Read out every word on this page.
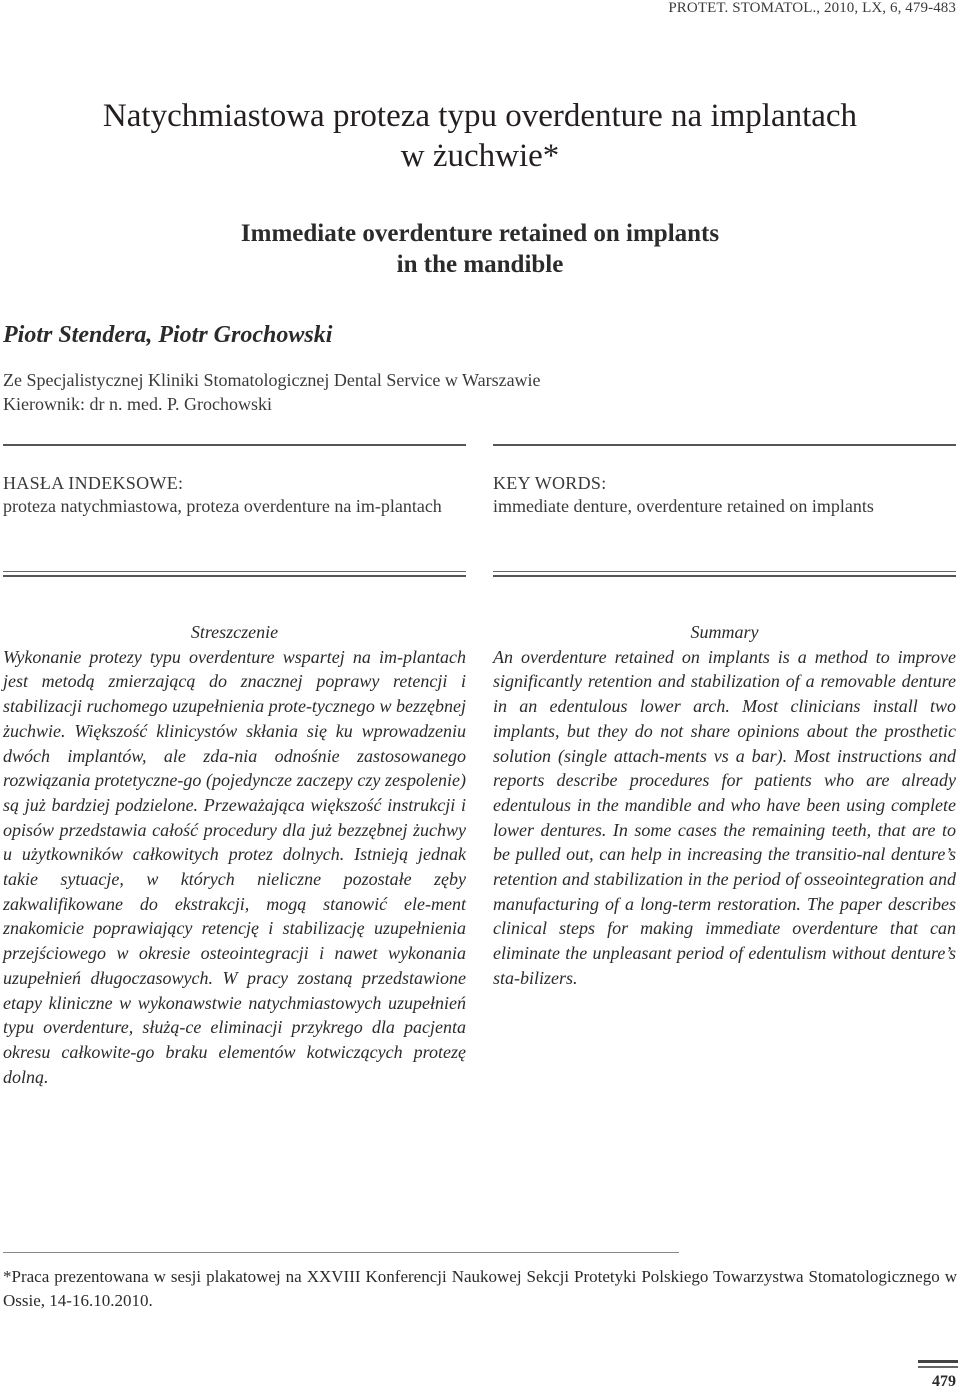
PROTET. STOMATOL., 2010, LX, 6, 479-483
Natychmiastowa proteza typu overdenture na implantach
w żuchwie*
Immediate overdenture retained on implants
in the mandible
Piotr Stendera, Piotr Grochowski
Ze Specjalistycznej Kliniki Stomatologicznej Dental Service w Warszawie
Kierownik: dr n. med. P. Grochowski
HASŁA INDEKSOWE:
proteza natychmiastowa, proteza overdenture na im-plantach
KEY WORDS:
immediate denture, overdenture retained on implants
Streszczenie
Wykonanie protezy typu overdenture wspartej na im-plantach jest metodą zmierzającą do znacznej poprawy retencji i stabilizacji ruchomego uzupełnienia prote-tycznego w bezzębnej żuchwie. Większość klinicystów skłania się ku wprowadzeniu dwóch implantów, ale zda-nia odnośnie zastosowanego rozwiązania protetyczne-go (pojedyncze zaczepy czy zespolenie) są już bardziej podzielone. Przeważająca większość instrukcji i opisów przedstawia całość procedury dla już bezzębnej żuchwy u użytkowników całkowitych protez dolnych. Istnieją jednak takie sytuacje, w których nieliczne pozostałe zęby zakwalifikowane do ekstrakcji, mogą stanowić ele-ment znakomicie poprawiający retencję i stabilizację uzupełnienia przejściowego w okresie osteointegracji i nawet wykonania uzupełnień długoczasowych. W pracy zostaną przedstawione etapy kliniczne w wykonawstwie natychmiastowych uzupełnień typu overdenture, służą-ce eliminacji przykrego dla pacjenta okresu całkowite-go braku elementów kotwiczących protezę dolną.
Summary
An overdenture retained on implants is a method to improve significantly retention and stabilization of a removable denture in an edentulous lower arch. Most clinicians install two implants, but they do not share opinions about the prosthetic solution (single attach-ments vs a bar). Most instructions and reports describe procedures for patients who are already edentulous in the mandible and who have been using complete lower dentures. In some cases the remaining teeth, that are to be pulled out, can help in increasing the transitio-nal denture’s retention and stabilization in the period of osseointegration and manufacturing of a long-term restoration. The paper describes clinical steps for making immediate overdenture that can eliminate the unpleasant period of edentulism without denture’s sta-bilizers.
*Praca prezentowana w sesji plakatowej na XXVIII Konferencji Naukowej Sekcji Protetyki Polskiego Towarzystwa Stomatologicznego w Ossie, 14-16.10.2010.
479
